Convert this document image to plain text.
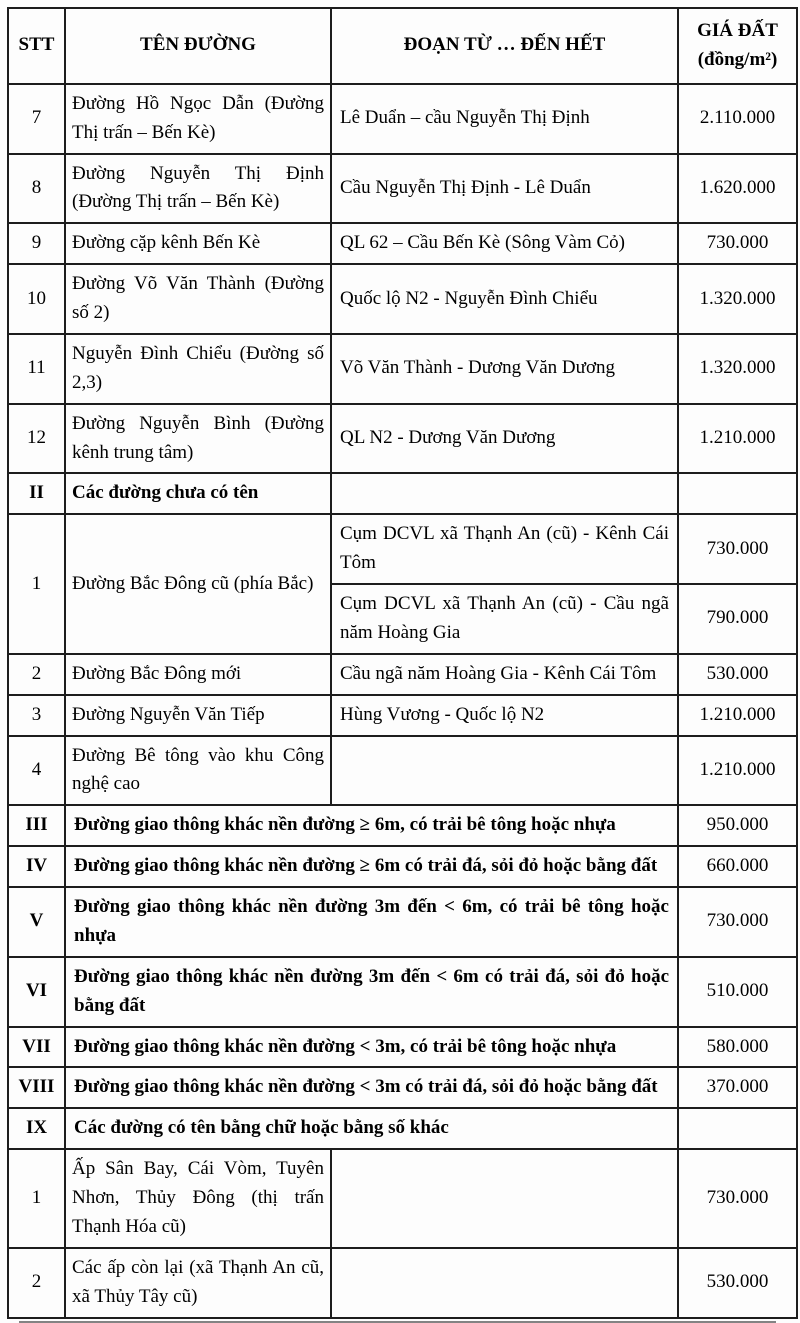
STT	TÊN ĐƯỜNG	ĐOẠN TỪ … ĐẾN HẾT	GIÁ ĐẤT
(đồng/m²)

7	Đường Hồ Ngọc Dẫn (Đường Thị trấn – Bến Kè)	Lê Duẩn – cầu Nguyễn Thị Định	2.110.000
8	Đường Nguyễn Thị Định (Đường Thị trấn – Bến Kè)	Cầu Nguyễn Thị Định - Lê Duẩn	1.620.000
9	Đường cặp kênh Bến Kè	QL 62 – Cầu Bến Kè (Sông Vàm Cỏ)	730.000
10	Đường Võ Văn Thành (Đường số 2)	Quốc lộ N2 - Nguyễn Đình Chiểu	1.320.000
11	Nguyễn Đình Chiểu (Đường số 2,3)	Võ Văn Thành - Dương Văn Dương	1.320.000
12	Đường Nguyễn Bình (Đường kênh trung tâm)	QL N2 - Dương Văn Dương	1.210.000
II	Các đường chưa có tên		
1	Đường Bắc Đông cũ (phía Bắc)	Cụm DCVL xã Thạnh An (cũ) - Kênh Cái Tôm	730.000
		Cụm DCVL xã Thạnh An (cũ) - Cầu ngã năm Hoàng Gia	790.000
2	Đường Bắc Đông mới	Cầu ngã năm Hoàng Gia - Kênh Cái Tôm	530.000
3	Đường Nguyễn Văn Tiếp	Hùng Vương - Quốc lộ N2	1.210.000
4	Đường Bê tông vào khu Công nghệ cao		1.210.000
III	Đường giao thông khác nền đường ≥ 6m, có trải bê tông hoặc nhựa		950.000
IV	Đường giao thông khác nền đường ≥ 6m có trải đá, sỏi đỏ hoặc bằng đất		660.000
V	Đường giao thông khác nền đường 3m đến < 6m, có trải bê tông hoặc nhựa		730.000
VI	Đường giao thông khác nền đường 3m đến < 6m có trải đá, sỏi đỏ hoặc bằng đất		510.000
VII	Đường giao thông khác nền đường < 3m, có trải bê tông hoặc nhựa		580.000
VIII	Đường giao thông khác nền đường < 3m có trải đá, sỏi đỏ hoặc bằng đất		370.000
IX	Các đường có tên bằng chữ hoặc bằng số khác		
1	Ấp Sân Bay, Cái Vòm, Tuyên Nhơn, Thủy Đông (thị trấn Thạnh Hóa cũ)		730.000
2	Các ấp còn lại (xã Thạnh An cũ, xã Thủy Tây cũ)		530.000
